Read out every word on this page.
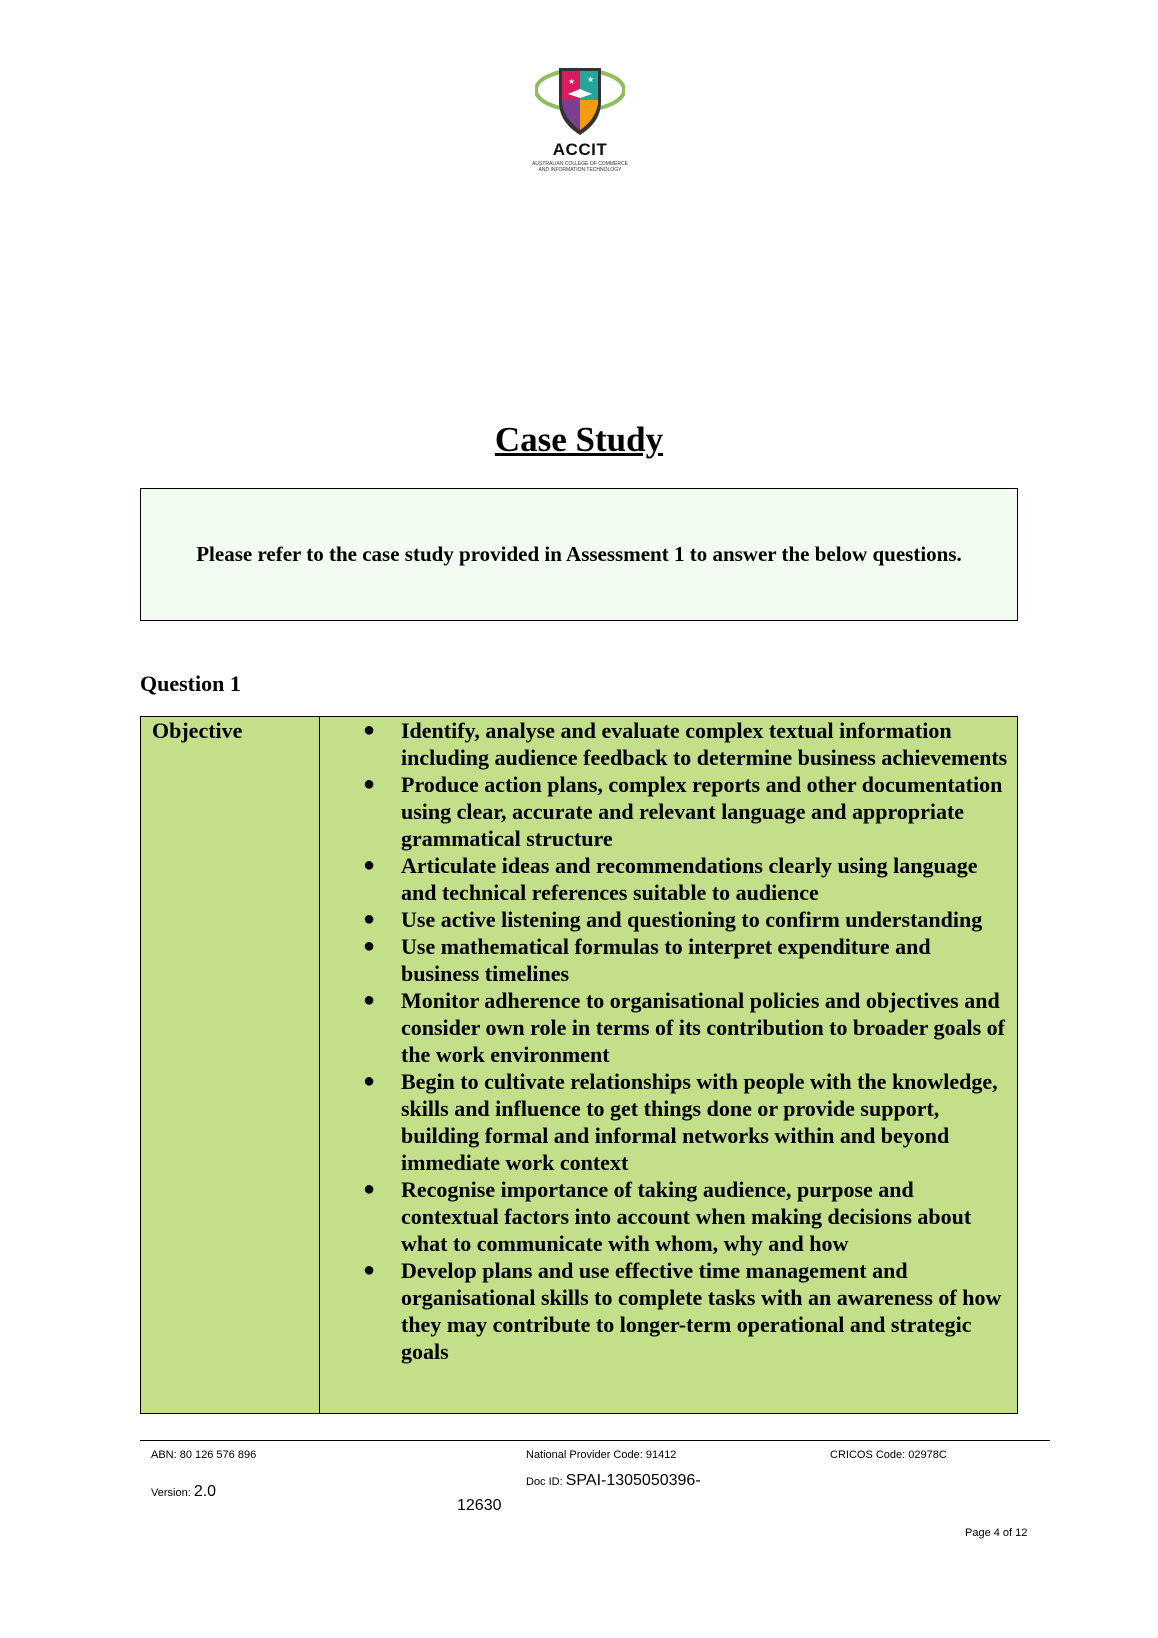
★ ★
ACCIT
AUSTRALIAN COLLEGE OF COMMERCE
AND INFORMATION TECHNOLOGY
Case Study
Please refer to the case study provided in Assessment 1 to answer the below questions.
Question 1
Objective	● Identify, analyse and evaluate complex textual information including audience feedback to determine business achievements
● Produce action plans, complex reports and other documentation using clear, accurate and relevant language and appropriate grammatical structure
● Articulate ideas and recommendations clearly using language and technical references suitable to audience
● Use active listening and questioning to confirm understanding
● Use mathematical formulas to interpret expenditure and business timelines
● Monitor adherence to organisational policies and objectives and consider own role in terms of its contribution to broader goals of the work environment
● Begin to cultivate relationships with people with the knowledge, skills and influence to get things done or provide support, building formal and informal networks within and beyond immediate work context
● Recognise importance of taking audience, purpose and contextual factors into account when making decisions about what to communicate with whom, why and how
● Develop plans and use effective time management and organisational skills to complete tasks with an awareness of how they may contribute to longer-term operational and strategic goals
ABN: 80 126 576 896	National Provider Code: 91412	CRICOS Code: 02978C
Version: 2.0
Doc ID: SPAI-1305050396-
12630
Page 4 of 12
